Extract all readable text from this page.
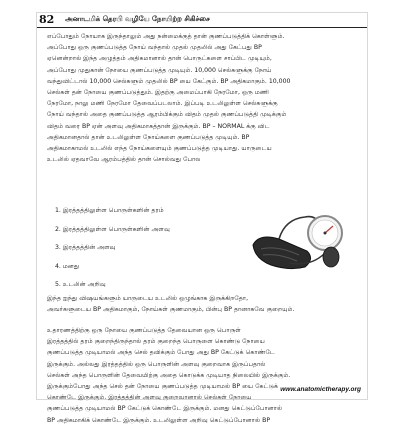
82	அனாடமிக் தெரபி வழியே நோயிற்ற சிகிச்சை
எப்போதும் நோயாக இருந்தாலும் அது நன்மைக்குத் தான் குணப்படுத்திக் கொள்ளும்.
அப்போது ஒரு குணப்படுத்த நோய் வந்தால் முதல் முதலில் அது கேட்பது BP
ஏனென்றால் இந்த அழுத்தம் அதிகமானால் தான் பொருட்களை சாப்பிட முடியும்,
அப்போது முதுகான் நோயை குணப்படுத்த முடியும். 10,000 செல்களுக்கு நோய்
வந்துவிட்டால் 10,000 செல்களும் முதலில் BP யை கேட்கும். BP அதிகமாகும். 10,000
செல்கள் தன் நோயை குணப்படுத்தும். இதற்கு அமைப்பாகி நேரமோ, ஒரு மணி
நேரமோ, நாலு மணி நேரமோ தேவைப்படலாம். இப்படி உடலிலுள்ள செல்களுக்கு
நோய் வந்தால் அதை குணப்படுத்த ஆரம்பிக்கும் விதம் முதல் குணப்படுத்தி முடிக்கும்
விதம் வரை BP ஏன் அளவு அதிகமாகத்தான் இருக்கும். BP – NORMAL க்கு விட
அதிகமானதால் தான் உடலிலுள்ள நோய்களை குணப்படுத்த முடியும். BP
அதிகமாகாமல் உடலில் எந்த நோய்களையும் குணப்படுத்த முடியாது. யாருடைய
உடலில் ஏதவாவே ஆரம்பத்தில் தான் சொல்வது போல
1. இரத்தத்திலுள்ள பொருள்களின் தரம்
2. இரத்தத்திலுள்ள பொருள்களின் அளவு
3. இரத்தத்தின் அளவு
4. மனது
5. உடலின் அறிவு
இந்த ஐந்து விஷயங்களும் யாருடைய உடலில் ஒழுங்காக இருக்கிறதோ,
அவர்களுடைய BP அதிகமாகும், நோய்கள் குணமாகும், பின்பு BP தானாகவே குறையும்.
உதாரணத்திற்கு ஒரு நோயை குணப்படுத்த தேவையான ஒரு பொருள்
இரத்தத்தில் தரம் குறைந்திருந்தால் தரம் குறைந்த பொருளை கொண்டு நோயை
குணப்படுத்த முடியாமல் அந்த செல் தவிக்கும் போது அது BP கேட்டுக் கொண்டே
இருக்கும். அல்லது இரத்தத்தில் ஒரு பொருளின் அளவு குறைவாக இருப்பதால்
செல்கள் அந்த பொருளின் தேவையிற்கு அதை கொடுக்க முடியாத நிலையில் இருக்கும்.
இருக்கும்போது அந்த செல் தன் நோயை குணப்படுத்த முடியாமல் BP யை கேட்டுக்
கொண்டே இருக்கும். இரத்தத்தின் அளவு குறைவானால் செல்கள் நோயை
குணப்படுத்த முடியாமல் BP கேட்டுக் கொண்டே இருக்கும். மனது கெட்டுப்போனால்
BP அதிகமாகிக் கொண்டே இருக்கும். உடலிலுள்ள அறிவு கெட்டுப்போனால் BP
www.anatomictherapy.org
